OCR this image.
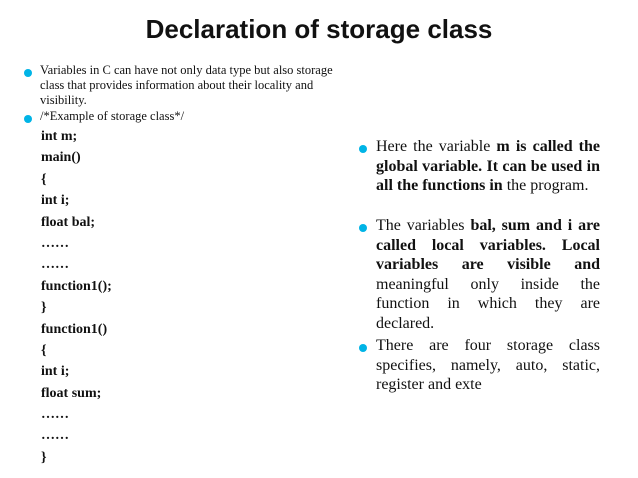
Declaration of storage class
Variables in C can have not only data type but also storage class that provides information about their locality and visibility.
/*Example of storage class*/
int m;
main()
{
int i;
float bal;
……
……
function1();
}
function1()
{
int i;
float sum;
……
……
}
Here the variable m is called the global variable. It can be used in all the functions in the program.
The variables bal, sum and i are called local variables. Local variables are visible and meaningful only inside the function in which they are declared.
There are four storage class specifies, namely, auto, static, register and exte
